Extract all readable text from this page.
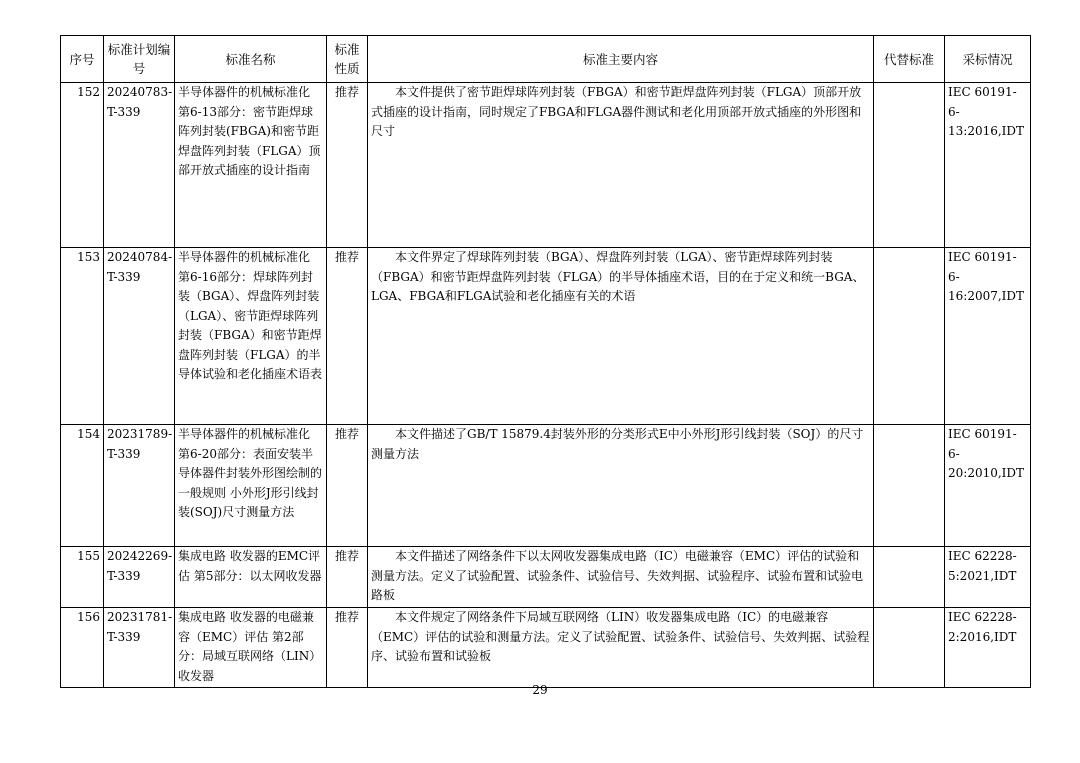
序号	标准计划编号	标准名称	标准性质	标准主要内容	代替标准	采标情况
152	20240783-T-339	半导体器件的机械标准化 第6-13部分：密节距焊球阵列封装(FBGA)和密节距焊盘阵列封装（FLGA）顶部开放式插座的设计指南	推荐	本文件提供了密节距焊球阵列封装（FBGA）和密节距焊盘阵列封装（FLGA）顶部开放式插座的设计指南，同时规定了FBGA和FLGA器件测试和老化用顶部开放式插座的外形图和尺寸		IEC 60191-6-13:2016,IDT
153	20240784-T-339	半导体器件的机械标准化 第6-16部分：焊球阵列封装（BGA）、焊盘阵列封装（LGA）、密节距焊球阵列封装（FBGA）和密节距焊盘阵列封装（FLGA）的半导体试验和老化插座术语表	推荐	本文件界定了焊球阵列封装（BGA）、焊盘阵列封装（LGA）、密节距焊球阵列封装（FBGA）和密节距焊盘阵列封装（FLGA）的半导体插座术语，目的在于定义和统一BGA、LGA、FBGA和FLGA试验和老化插座有关的术语		IEC 60191-6-16:2007,IDT
154	20231789-T-339	半导体器件的机械标准化 第6-20部分：表面安装半导体器件封装外形图绘制的一般规则 小外形J形引线封装(SOJ)尺寸测量方法	推荐	本文件描述了GB/T 15879.4封装外形的分类形式E中小外形J形引线封装（SOJ）的尺寸测量方法		IEC 60191-6-20:2010,IDT
155	20242269-T-339	集成电路 收发器的EMC评估 第5部分：以太网收发器	推荐	本文件描述了网络条件下以太网收发器集成电路（IC）电磁兼容（EMC）评估的试验和测量方法。定义了试验配置、试验条件、试验信号、失效判据、试验程序、试验布置和试验电路板		IEC 62228-5:2021,IDT
156	20231781-T-339	集成电路 收发器的电磁兼容（EMC）评估 第2部分：局域互联网络（LIN）收发器	推荐	本文件规定了网络条件下局域互联网络（LIN）收发器集成电路（IC）的电磁兼容（EMC）评估的试验和测量方法。定义了试验配置、试验条件、试验信号、失效判据、试验程序、试验布置和试验板		IEC 62228-2:2016,IDT
29
